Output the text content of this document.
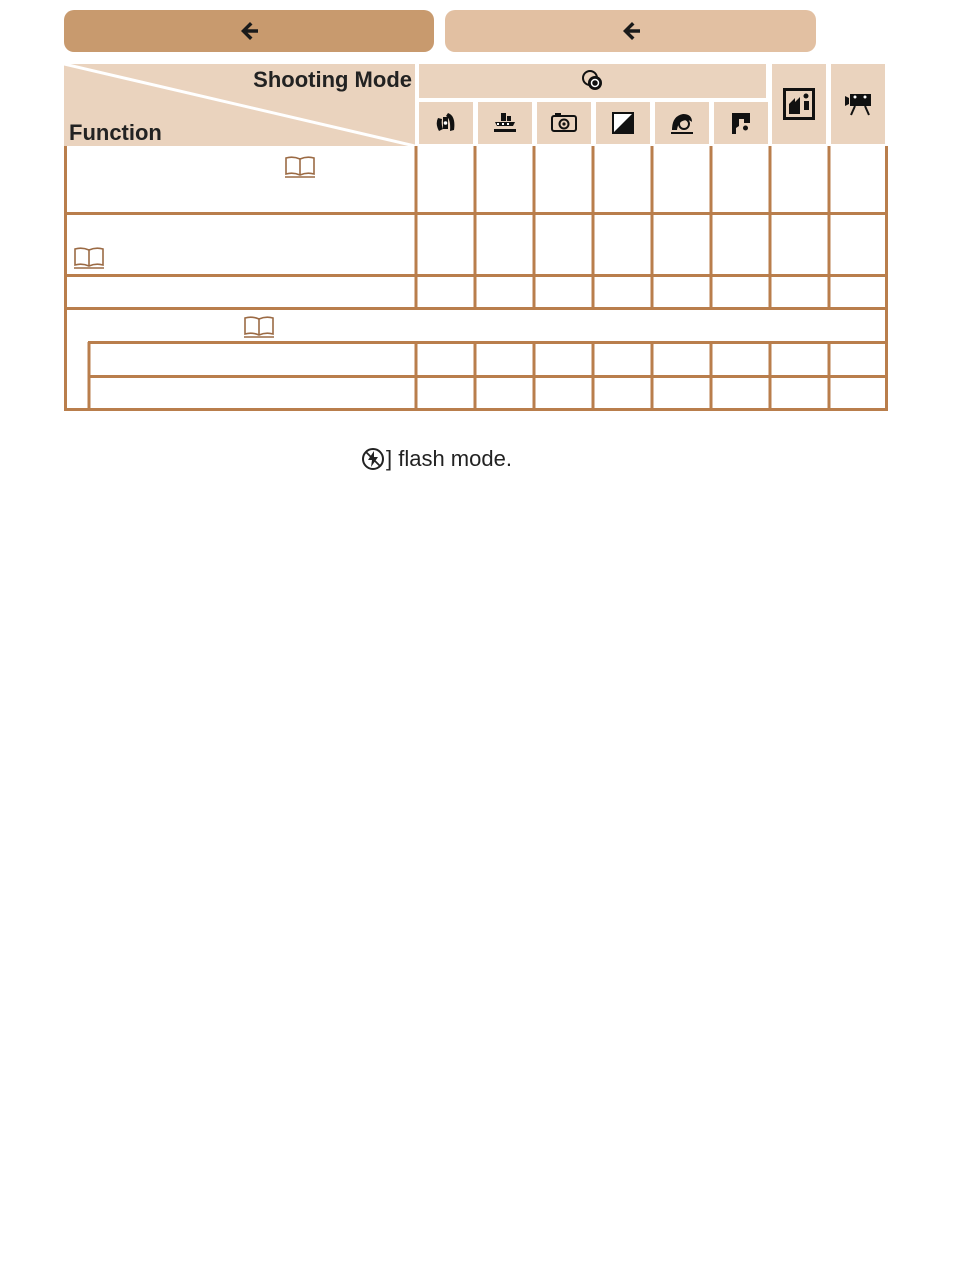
Shooting Mode
Function
] flash mode.
